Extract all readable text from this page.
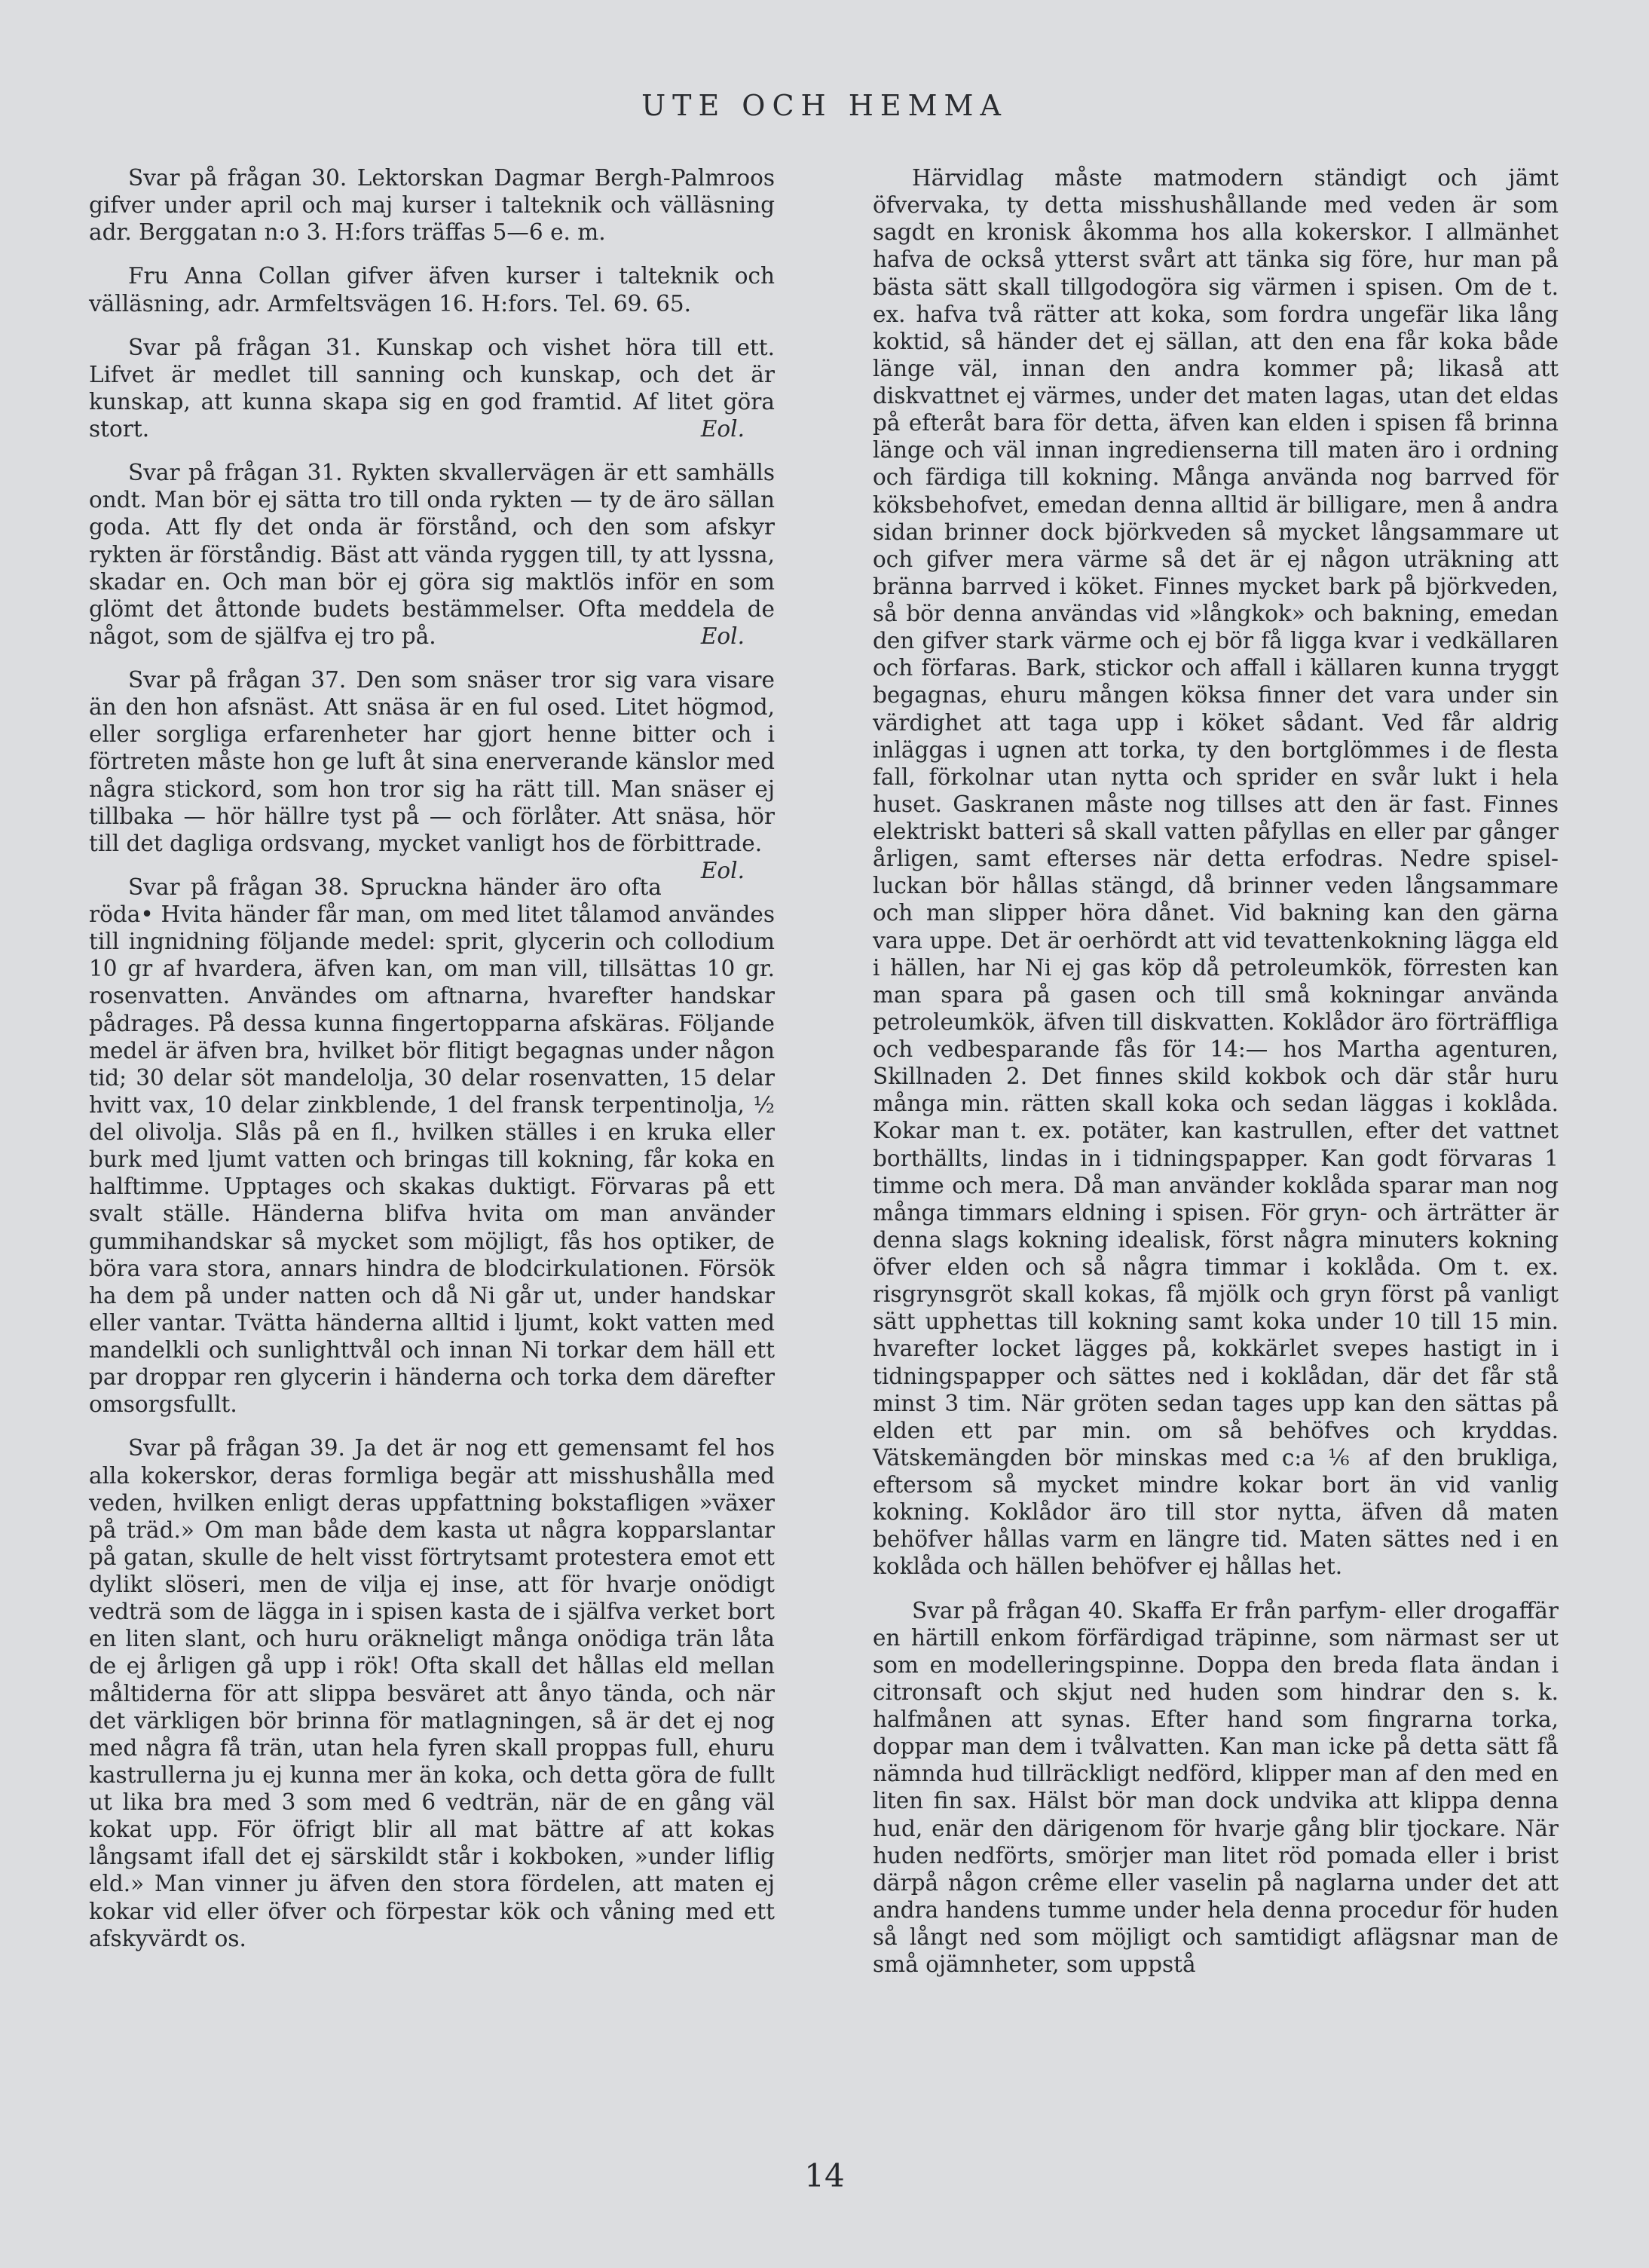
UTE OCH HEMMA

Svar på frågan 30. Lektorskan Dagmar Bergh-Palmroos gifver under april och maj kurser i talteknik och välläsning adr. Berggatan n:o 3. H:fors träffas 5—6 e. m.

Fru Anna Collan gifver äfven kurser i talteknik och välläsning, adr. Armfeltsvägen 16. H:fors. Tel. 69. 65.

Svar på frågan 31. Kunskap och vishet höra till ett. Lifvet är medlet till sanning och kunskap, och det är kunskap, att kunna skapa sig en god framtid. Af litet göra stort.	Eol.

Svar på frågan 31. Rykten skvallervägen är ett samhälls ondt. Man bör ej sätta tro till onda rykten — ty de äro sällan goda. Att fly det onda är förstånd, och den som afskyr rykten är förståndig. Bäst att vända ryggen till, ty att lyssna, skadar en. Och man bör ej göra sig maktlös inför en som glömt det åttonde budets bestämmelser. Ofta meddela de något, som de själfva ej tro på.	Eol.

Svar på frågan 37. Den som snäser tror sig vara visare än den hon afsnäst. Att snäsa är en ful osed. Litet högmod, eller sorgliga erfarenheter har gjort henne bitter och i förtreten måste hon ge luft åt sina enerverande känslor med några stickord, som hon tror sig ha rätt till. Man snäser ej tillbaka — hör hällre tyst på — och förlåter. Att snäsa, hör till det dagliga ordsvang, mycket vanligt hos de förbittrade.
Eol.

Svar på frågan 38. Spruckna händer äro ofta röda• Hvita händer får man, om med litet tålamod användes till ingnidning följande medel: sprit, glycerin och collodium 10 gr af hvardera, äfven kan, om man vill, tillsättas 10 gr. rosenvatten. Användes om aftnarna, hvarefter handskar pådrages. På dessa kunna fingertopparna afskäras. Följande medel är äfven bra, hvilket bör flitigt begagnas under någon tid; 30 delar söt mandelolja, 30 delar rosenvatten, 15 delar hvitt vax, 10 delar zinkblende, 1 del fransk terpentinolja, ½ del olivolja. Slås på en fl., hvilken ställes i en kruka eller burk med ljumt vatten och bringas till kokning, får koka en halftimme. Upptages och skakas duktigt. Förvaras på ett svalt ställe. Händerna blifva hvita om man använder gummihandskar så mycket som möjligt, fås hos optiker, de böra vara stora, annars hindra de blodcirkulationen. Försök ha dem på under natten och då Ni går ut, under handskar eller vantar. Tvätta händerna alltid i ljumt, kokt vatten med mandelkli och sunlighttvål och innan Ni torkar dem häll ett par droppar ren glycerin i händerna och torka dem därefter omsorgsfullt.

Svar på frågan 39. Ja det är nog ett gemensamt fel hos alla kokerskor, deras formliga begär att misshushålla med veden, hvilken enligt deras uppfattning bokstafligen »växer på träd.» Om man både dem kasta ut några kopparslantar på gatan, skulle de helt visst förtrytsamt protestera emot ett dylikt slöseri, men de vilja ej inse, att för hvarje onödigt vedträ som de lägga in i spisen kasta de i själfva verket bort en liten slant, och huru oräkneligt många onödiga trän låta de ej årligen gå upp i rök! Ofta skall det hållas eld mellan måltiderna för att slippa besväret att ånyo tända, och när det värkligen bör brinna för matlagningen, så är det ej nog med några få trän, utan hela fyren skall proppas full, ehuru kastrullerna ju ej kunna mer än koka, och detta göra de fullt ut lika bra med 3 som med 6 vedträn, när de en gång väl kokat upp. För öfrigt blir all mat bättre af att kokas långsamt ifall det ej särskildt står i kokboken, »under liflig eld.» Man vinner ju äfven den stora fördelen, att maten ej kokar vid eller öfver och förpestar kök och våning med ett afskyvärdt os.

Härvidlag måste matmodern ständigt och jämt öfvervaka, ty detta misshushållande med veden är som sagdt en kronisk åkomma hos alla kokerskor. I allmänhet hafva de också ytterst svårt att tänka sig före, hur man på bästa sätt skall tillgodogöra sig värmen i spisen. Om de t. ex. hafva två rätter att koka, som fordra ungefär lika lång koktid, så händer det ej sällan, att den ena får koka både länge väl, innan den andra kommer på; likaså att diskvattnet ej värmes, under det maten lagas, utan det eldas på efteråt bara för detta, äfven kan elden i spisen få brinna länge och väl innan ingredienserna till maten äro i ordning och färdiga till kokning. Många använda nog barrved för köksbehofvet, emedan denna alltid är billigare, men å andra sidan brinner dock björkveden så mycket långsammare ut och gifver mera värme så det är ej någon uträkning att bränna barrved i köket. Finnes mycket bark på björkveden, så bör denna användas vid »långkok» och bakning, emedan den gifver stark värme och ej bör få ligga kvar i vedkällaren och förfaras. Bark, stickor och affall i källaren kunna tryggt begagnas, ehuru mången köksa finner det vara under sin värdighet att taga upp i köket sådant. Ved får aldrig inläggas i ugnen att torka, ty den bortglömmes i de flesta fall, förkolnar utan nytta och sprider en svår lukt i hela huset. Gaskranen måste nog tillses att den är fast. Finnes elektriskt batteri så skall vatten påfyllas en eller par gånger årligen, samt efterses när detta erfodras. Nedre spiselluckan bör hållas stängd, då brinner veden långsammare och man slipper höra dånet. Vid bakning kan den gärna vara uppe. Det är oerhördt att vid tevattenkokning lägga eld i hällen, har Ni ej gas köp då petroleumkök, förresten kan man spara på gasen och till små kokningar använda petroleumkök, äfven till diskvatten. Koklådor äro förträffliga och vedbesparande fås för 14:— hos Martha agenturen, Skillnaden 2. Det finnes skild kokbok och där står huru många min. rätten skall koka och sedan läggas i koklåda. Kokar man t. ex. potäter, kan kastrullen, efter det vattnet borthällts, lindas in i tidningspapper. Kan godt förvaras 1 timme och mera. Då man använder koklåda sparar man nog många timmars eldning i spisen. För gryn- och ärträtter är denna slags kokning idealisk, först några minuters kokning öfver elden och så några timmar i koklåda. Om t. ex. risgrynsgröt skall kokas, få mjölk och gryn först på vanligt sätt upphettas till kokning samt koka under 10 till 15 min. hvarefter locket lägges på, kokkärlet svepes hastigt in i tidningspapper och sättes ned i koklådan, där det får stå minst 3 tim. När gröten sedan tages upp kan den sättas på elden ett par min. om så behöfves och kryddas. Vätskemängden bör minskas med c:a ⅙ af den brukliga, eftersom så mycket mindre kokar bort än vid vanlig kokning. Koklådor äro till stor nytta, äfven då maten behöfver hållas varm en längre tid. Maten sättes ned i en koklåda och hällen behöfver ej hållas het.

Svar på frågan 40. Skaffa Er från parfym- eller drogaffär en härtill enkom förfärdigad träpinne, som närmast ser ut som en modelleringspinne. Doppa den breda flata ändan i citronsaft och skjut ned huden som hindrar den s. k. halfmånen att synas. Efter hand som fingrarna torka, doppar man dem i tvålvatten. Kan man icke på detta sätt få nämnda hud tillräckligt nedförd, klipper man af den med en liten fin sax. Hälst bör man dock undvika att klippa denna hud, enär den därigenom för hvarje gång blir tjockare. När huden nedförts, smörjer man litet röd pomada eller i brist därpå någon crême eller vaselin på naglarna under det att andra handens tumme under hela denna procedur för huden så långt ned som möjligt och samtidigt aflägsnar man de små ojämnheter, som uppstå

14
